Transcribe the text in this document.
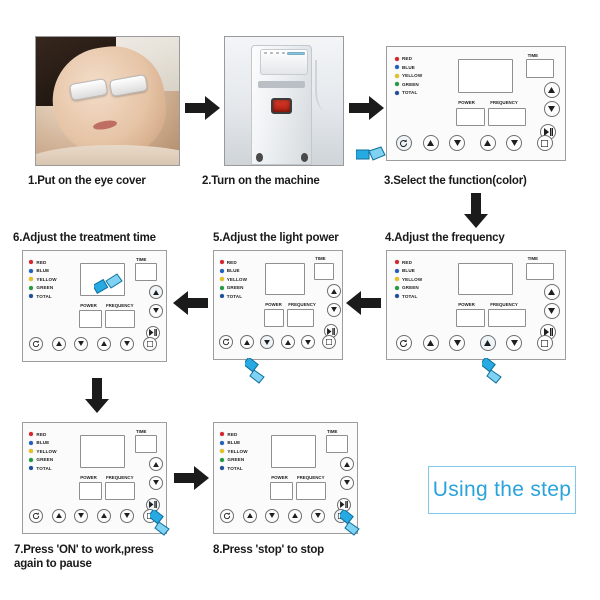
1.Put on the eye cover	2.Turn on the machine
RED
BLUE
YELLOW
GREEN
TOTAL
TIME
POWER	FREQUENCY
3.Select the function(color)
4.Adjust the frequency
RED
BLUE
YELLOW
GREEN
TOTAL
TIME
POWER	FREQUENCY
5.Adjust the light power
RED
BLUE
YELLOW
GREEN
TOTAL
TIME
POWER FREQUENCY
6.Adjust the treatment time
RED
BLUE
YELLOW
GREEN
TOTAL
TIME
POWER FREQUENCY
RED
BLUE
YELLOW
GREEN
TOTAL
TIME
POWER FREQUENCY
7.Press 'ON' to work,press again to pause
RED
BLUE
YELLOW
GREEN
TOTAL
TIME
POWER FREQUENCY
8.Press 'stop' to stop
Using the step
